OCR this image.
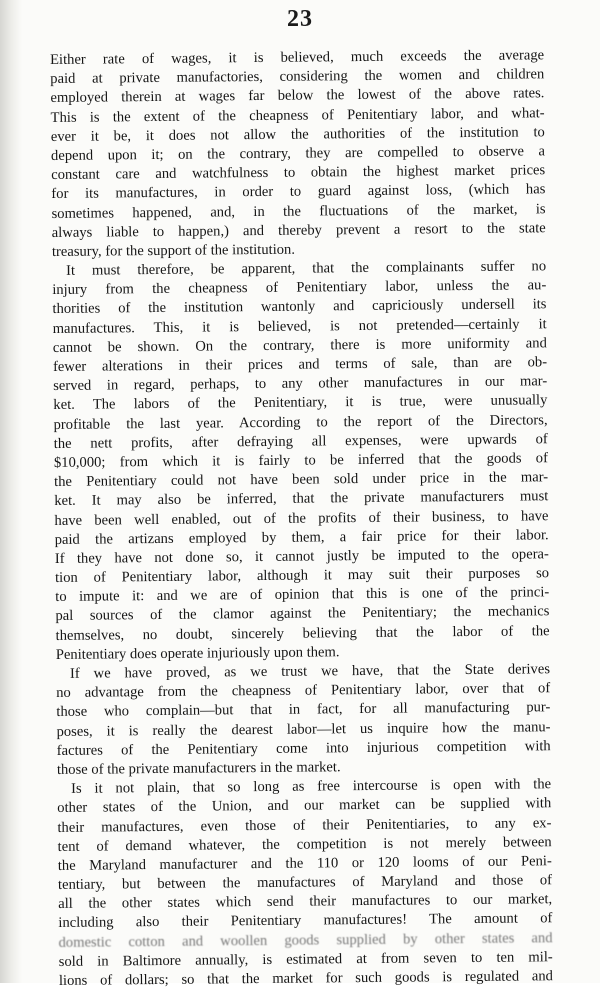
23
Either rate of wages, it is believed, much exceeds the average
paid at private manufactories, considering the women and children
employed therein at wages far below the lowest of the above rates.
This is the extent of the cheapness of Penitentiary labor, and what-
ever it be, it does not allow the authorities of the institution to
depend upon it; on the contrary, they are compelled to observe a
constant care and watchfulness to obtain the highest market prices
for its manufactures, in order to guard against loss, (which has
sometimes happened, and, in the fluctuations of the market, is
always liable to happen,) and thereby prevent a resort to the state
treasury, for the support of the institution.
It must therefore, be apparent, that the complainants suffer no
injury from the cheapness of Penitentiary labor, unless the au-
thorities of the institution wantonly and capriciously undersell its
manufactures. This, it is believed, is not pretended—certainly it
cannot be shown. On the contrary, there is more uniformity and
fewer alterations in their prices and terms of sale, than are ob-
served in regard, perhaps, to any other manufactures in our mar-
ket. The labors of the Penitentiary, it is true, were unusually
profitable the last year. According to the report of the Directors,
the nett profits, after defraying all expenses, were upwards of
$10,000; from which it is fairly to be inferred that the goods of
the Penitentiary could not have been sold under price in the mar-
ket. It may also be inferred, that the private manufacturers must
have been well enabled, out of the profits of their business, to have
paid the artizans employed by them, a fair price for their labor.
If they have not done so, it cannot justly be imputed to the opera-
tion of Penitentiary labor, although it may suit their purposes so
to impute it: and we are of opinion that this is one of the princi-
pal sources of the clamor against the Penitentiary; the mechanics
themselves, no doubt, sincerely believing that the labor of the
Penitentiary does operate injuriously upon them.
If we have proved, as we trust we have, that the State derives
no advantage from the cheapness of Penitentiary labor, over that of
those who complain—but that in fact, for all manufacturing pur-
poses, it is really the dearest labor—let us inquire how the manu-
factures of the Penitentiary come into injurious competition with
those of the private manufacturers in the market.
Is it not plain, that so long as free intercourse is open with the
other states of the Union, and our market can be supplied with
their manufactures, even those of their Penitentiaries, to any ex-
tent of demand whatever, the competition is not merely between
the Maryland manufacturer and the 110 or 120 looms of our Peni-
tentiary, but between the manufactures of Maryland and those of
all the other states which send their manufactures to our market,
including also their Penitentiary manufactures! The amount of
domestic cotton and woollen goods supplied by other states and
sold in Baltimore annually, is estimated at from seven to ten mil-
lions of dollars; so that the market for such goods is regulated and
